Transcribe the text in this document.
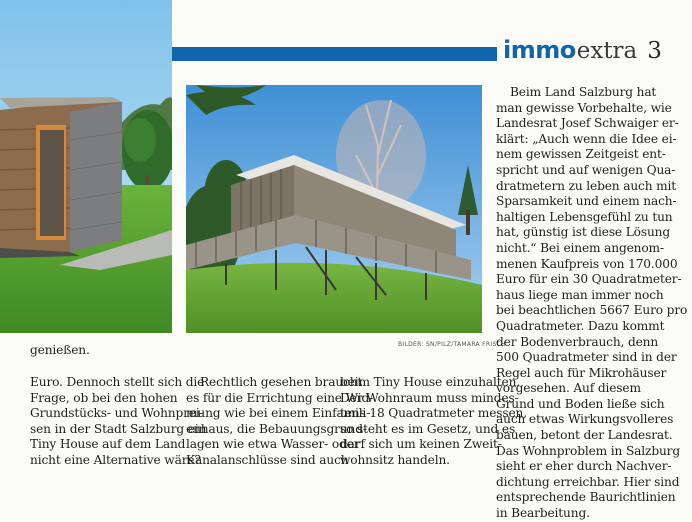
immo extra 3
BILDER: SN/PILZ/TAMARA FRISCH
genießen.
Euro. Dennoch stellt sich die
Frage, ob bei den hohen
Grundstücks- und Wohnprei-
sen in der Stadt Salzburg ein
Tiny House auf dem Land
nicht eine Alternative wäre?
Rechtlich gesehen braucht
es für die Errichtung eine Wid-
mung wie bei einem Einfamili-
enhaus, die Bebauungsgrund-
lagen wie etwa Wasser- oder
Kanalanschlüsse sind auch
beim Tiny House einzuhalten.
Der Wohnraum muss mindes-
tens 18 Quadratmeter messen,
so steht es im Gesetz, und es
darf sich um keinen Zweit-
wohnsitz handeln.
Beim Land Salzburg hat
man gewisse Vorbehalte, wie
Landesrat Josef Schwaiger er-
klärt: „Auch wenn die Idee ei-
nem gewissen Zeitgeist ent-
spricht und auf wenigen Qua-
dratmetern zu leben auch mit
Sparsamkeit und einem nach-
haltigen Lebensgefühl zu tun
hat, günstig ist diese Lösung
nicht.“ Bei einem angenom-
menen Kaufpreis von 170.000
Euro für ein 30 Quadratmeter-
haus liege man immer noch
bei beachtlichen 5667 Euro pro
Quadratmeter. Dazu kommt
der Bodenverbrauch, denn
500 Quadratmeter sind in der
Regel auch für Mikrohäuser
vorgesehen. Auf diesem
Grund und Boden ließe sich
auch etwas Wirkungsvolleres
bauen, betont der Landesrat.
Das Wohnproblem in Salzburg
sieht er eher durch Nachver-
dichtung erreichbar. Hier sind
entsprechende Baurichtlinien
in Bearbeitung.
